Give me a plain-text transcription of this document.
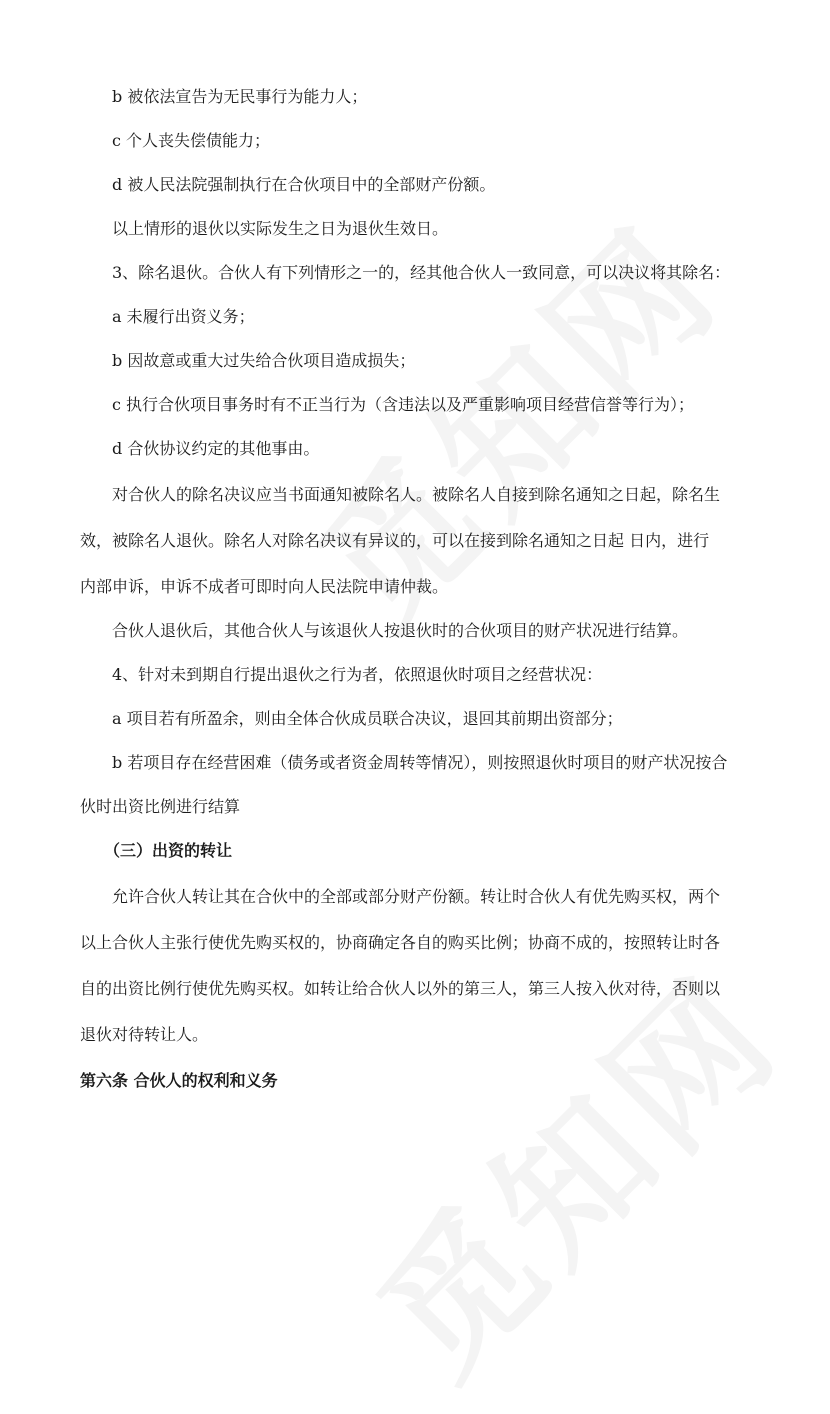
b 被依法宣告为无民事行为能力人；
c 个人丧失偿债能力；
d 被人民法院强制执行在合伙项目中的全部财产份额。
以上情形的退伙以实际发生之日为退伙生效日。
3、除名退伙。合伙人有下列情形之一的，经其他合伙人一致同意，可以决议将其除名：
a 未履行出资义务；
b 因故意或重大过失给合伙项目造成损失；
c 执行合伙项目事务时有不正当行为（含违法以及严重影响项目经营信誉等行为）；
d 合伙协议约定的其他事由。
对合伙人的除名决议应当书面通知被除名人。被除名人自接到除名通知之日起，除名生
效，被除名人退伙。除名人对除名决议有异议的，可以在接到除名通知之日起 日内，进行
内部申诉，申诉不成者可即时向人民法院申请仲裁。
合伙人退伙后，其他合伙人与该退伙人按退伙时的合伙项目的财产状况进行结算。
4、针对未到期自行提出退伙之行为者，依照退伙时项目之经营状况：
a 项目若有所盈余，则由全体合伙成员联合决议，退回其前期出资部分；
b 若项目存在经营困难（债务或者资金周转等情况），则按照退伙时项目的财产状况按合
伙时出资比例进行结算
（三）出资的转让
允许合伙人转让其在合伙中的全部或部分财产份额。转让时合伙人有优先购买权，两个
以上合伙人主张行使优先购买权的，协商确定各自的购买比例；协商不成的，按照转让时各
自的出资比例行使优先购买权。如转让给合伙人以外的第三人，第三人按入伙对待，否则以
退伙对待转让人。
第六条 合伙人的权利和义务
